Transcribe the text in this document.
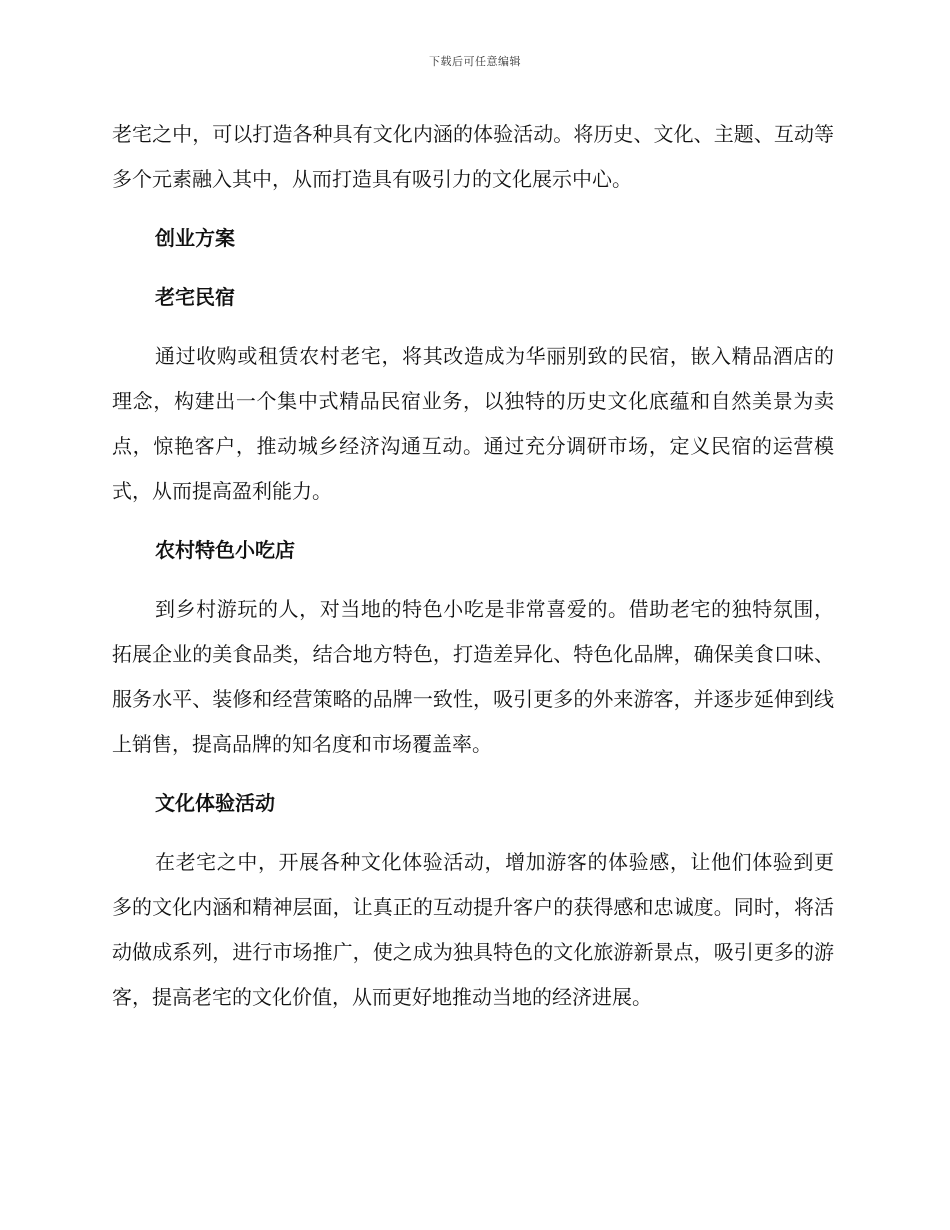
下载后可任意编辑

老宅之中，可以打造各种具有文化内涵的体验活动。将历史、文化、主题、互动等多个元素融入其中，从而打造具有吸引力的文化展示中心。

创业方案

老宅民宿

通过收购或租赁农村老宅，将其改造成为华丽别致的民宿，嵌入精品酒店的理念，构建出一个集中式精品民宿业务，以独特的历史文化底蕴和自然美景为卖点，惊艳客户，推动城乡经济沟通互动。通过充分调研市场，定义民宿的运营模式，从而提高盈利能力。

农村特色小吃店

到乡村游玩的人，对当地的特色小吃是非常喜爱的。借助老宅的独特氛围，拓展企业的美食品类，结合地方特色，打造差异化、特色化品牌，确保美食口味、服务水平、装修和经营策略的品牌一致性，吸引更多的外来游客，并逐步延伸到线上销售，提高品牌的知名度和市场覆盖率。

文化体验活动

在老宅之中，开展各种文化体验活动，增加游客的体验感，让他们体验到更多的文化内涵和精神层面，让真正的互动提升客户的获得感和忠诚度。同时，将活动做成系列，进行市场推广，使之成为独具特色的文化旅游新景点，吸引更多的游客，提高老宅的文化价值，从而更好地推动当地的经济进展。
